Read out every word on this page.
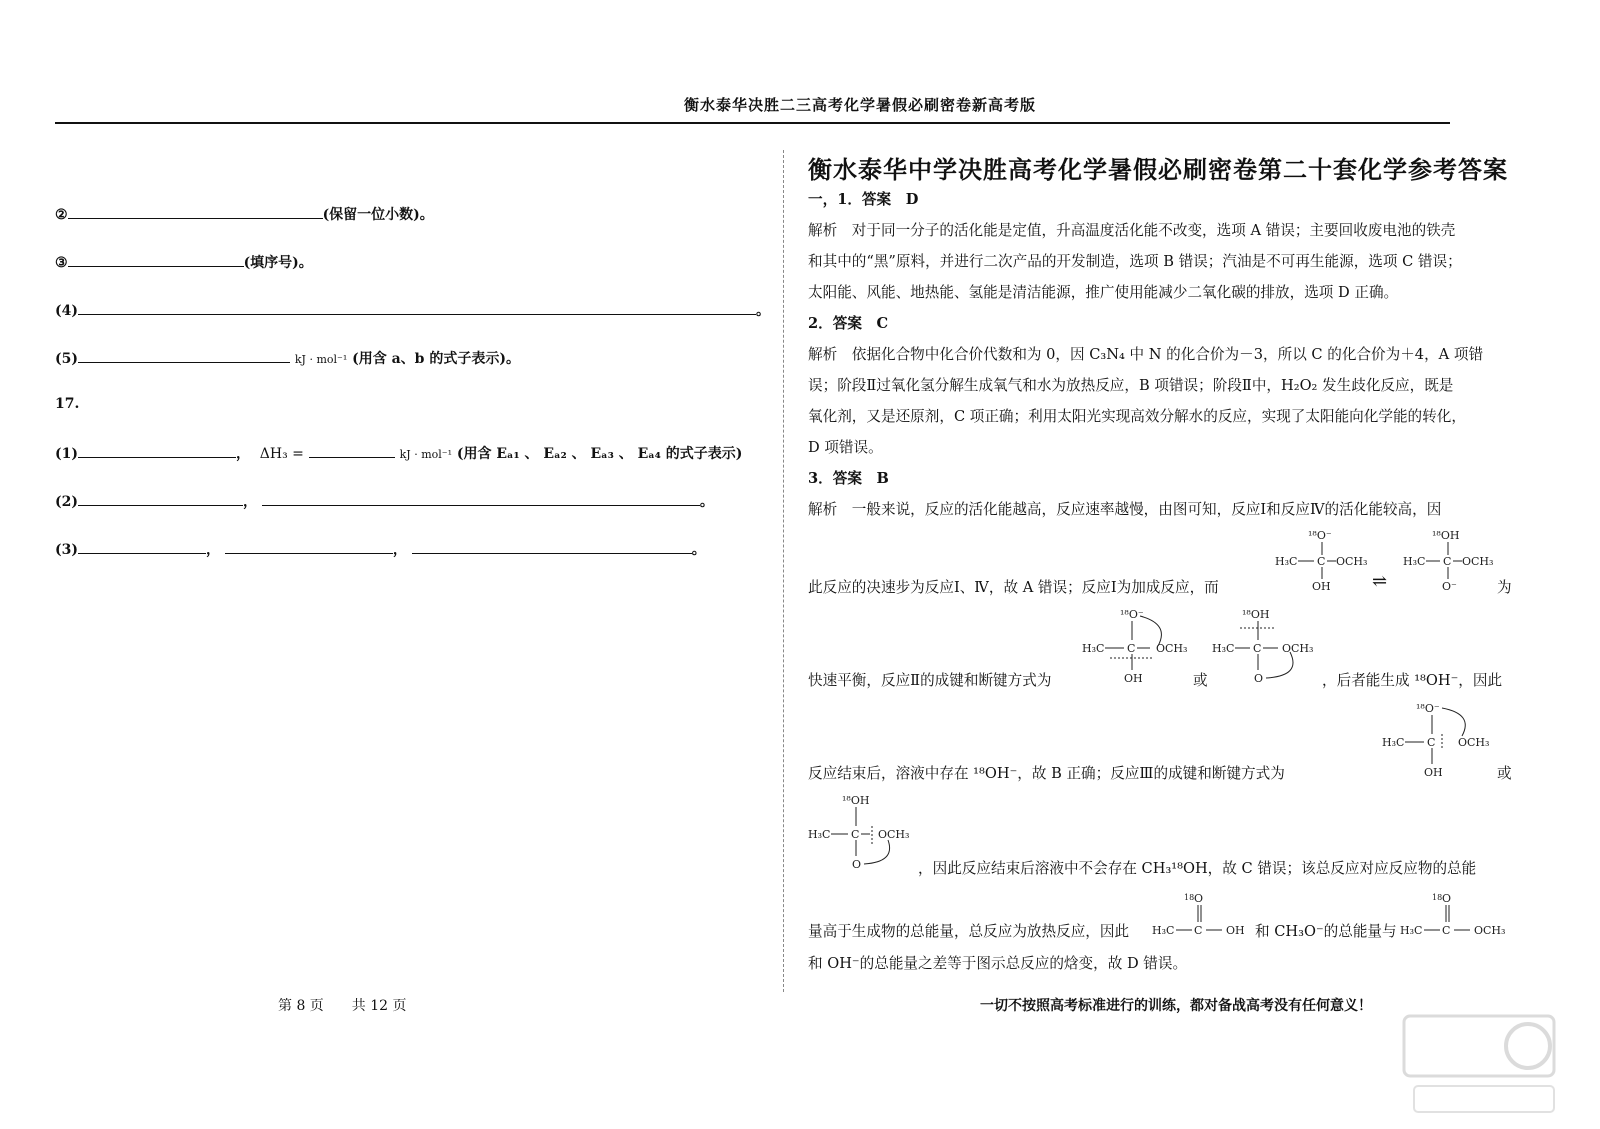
衡水泰华决胜二三高考化学暑假必刷密卷新高考版
②	(保留一位小数)。
③	(填序号)。
(4)	。
(5)	kJ · mol⁻¹ (用含 a、b 的式子表示)。
17.
(1)	， ΔH₃ =	kJ · mol⁻¹ (用含 Eₐ₁ 、 Eₐ₂ 、 Eₐ₃ 、 Eₐ₄ 的式子表示)
(2)	，	。
(3)	，	，	。
第 8 页　　共 12 页
衡水泰华中学决胜高考化学暑假必刷密卷第二十套化学参考答案
一，1．答案　D
解析　对于同一分子的活化能是定值，升高温度活化能不改变，选项 A 错误；主要回收废电池的铁壳
和其中的“黑”原料，并进行二次产品的开发制造，选项 B 错误；汽油是不可再生能源，选项 C 错误；
太阳能、风能、地热能、氢能是清洁能源，推广使用能减少二氧化碳的排放，选项 D 正确。
2．答案　C
解析　依据化合物中化合价代数和为 0，因 C₃N₄ 中 N 的化合价为－3，所以 C 的化合价为＋4，A 项错
误；阶段Ⅱ过氧化氢分解生成氧气和水为放热反应，B 项错误；阶段Ⅱ中，H₂O₂ 发生歧化反应，既是
氧化剂，又是还原剂，C 项正确；利用太阳光实现高效分解水的反应，实现了太阳能向化学能的转化，
D 项错误。
3．答案　B
解析　一般来说，反应的活化能越高，反应速率越慢，由图可知，反应Ⅰ和反应Ⅳ的活化能较高，因
此反应的决速步为反应Ⅰ、Ⅳ，故 A 错误；反应Ⅰ为加成反应，而	为
快速平衡，反应Ⅱ的成键和断键方式为	或	，后者能生成 ¹⁸OH⁻，因此
反应结束后，溶液中存在 ¹⁸OH⁻，故 B 正确；反应Ⅲ的成键和断键方式为	或
，因此反应结束后溶液中不会存在 CH₃¹⁸OH，故 C 错误；该总反应对应反应物的总能
量高于生成物的总能量，总反应为放热反应，因此	和 CH₃O⁻的总能量与
和 OH⁻的总能量之差等于图示总反应的焓变，故 D 错误。
¹⁸O⁻
H₃C C OCH₃
OH ⇌
¹⁸OH
H₃C C OCH₃
O⁻
¹⁸O⁻
H₃C C OCH₃
OH
¹⁸OH
H₃C C OCH₃
O
¹⁸O⁻
H₃C C OCH₃
OH
¹⁸OH
H₃C C OCH₃
O
18 O
H₃C C OH
18 O
H₃C C OCH₃
一切不按照高考标准进行的训练，都对备战高考没有任何意义！
